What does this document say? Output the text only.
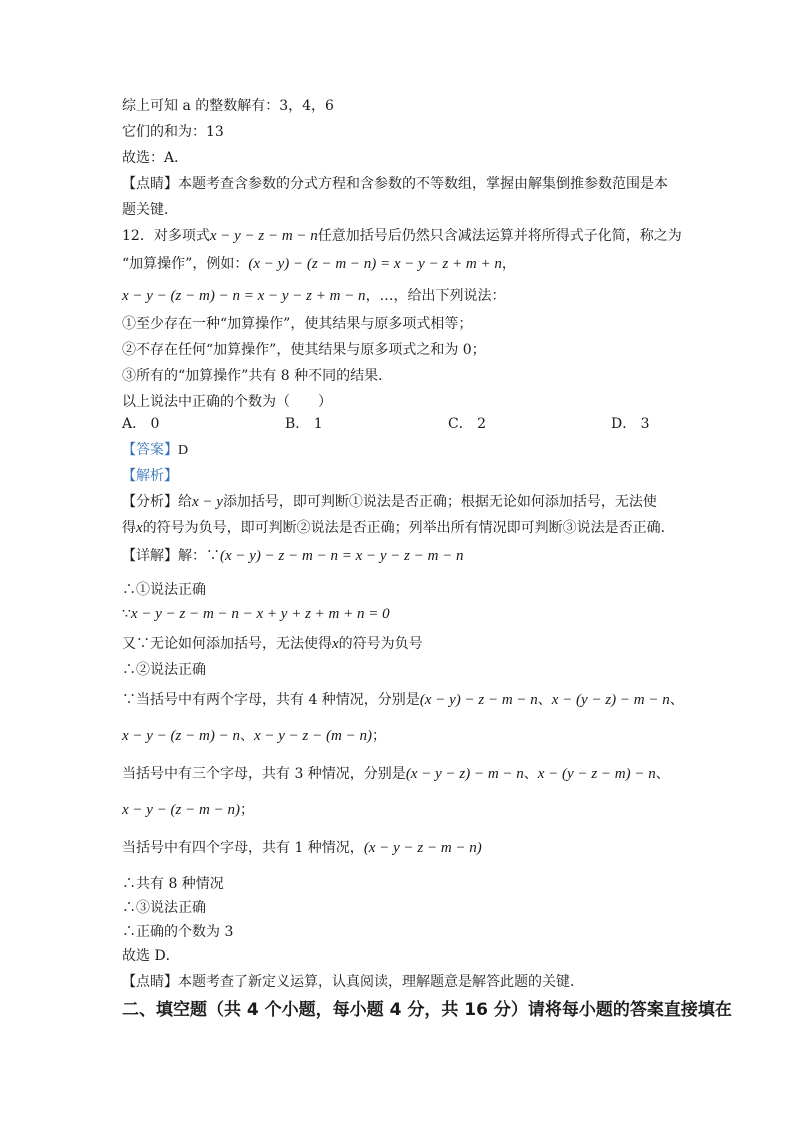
综上可知 a 的整数解有：3，4，6
它们的和为：13
故选：A．
【点睛】本题考查含参数的分式方程和含参数的不等数组，掌握由解集倒推参数范围是本
题关键．
12．对多项式x − y − z − m − n任意加括号后仍然只含减法运算并将所得式子化简，称之为
“加算操作”，例如：(x − y) − (z − m − n) = x − y − z + m + n，
x − y − (z − m) − n = x − y − z + m − n，…，给出下列说法：
①至少存在一种“加算操作”，使其结果与原多项式相等；
②不存在任何“加算操作”，使其结果与原多项式之和为 0；
③所有的“加算操作”共有 8 种不同的结果．
以上说法中正确的个数为（　　）
A． 0	B． 1	C． 2	D． 3
【答案】D
【解析】
【分析】给x − y添加括号，即可判断①说法是否正确；根据无论如何添加括号，无法使
得x的符号为负号，即可判断②说法是否正确；列举出所有情况即可判断③说法是否正确．
【详解】解：∵(x − y) − z − m − n = x − y − z − m − n
∴①说法正确
∵x − y − z − m − n − x + y + z + m + n = 0
又∵无论如何添加括号，无法使得x的符号为负号
∴②说法正确
∵当括号中有两个字母，共有 4 种情况，分别是(x − y) − z − m − n、x − (y − z) − m − n、
x − y − (z − m) − n、x − y − z − (m − n)；
当括号中有三个字母，共有 3 种情况，分别是(x − y − z) − m − n、x − (y − z − m) − n、
x − y − (z − m − n)；
当括号中有四个字母，共有 1 种情况，(x − y − z − m − n)
∴共有 8 种情况
∴③说法正确
∴正确的个数为 3
故选 D．
【点睛】本题考查了新定义运算，认真阅读，理解题意是解答此题的关键．
二、填空题（共 4 个小题，每小题 4 分，共 16 分）请将每小题的答案直接填在
